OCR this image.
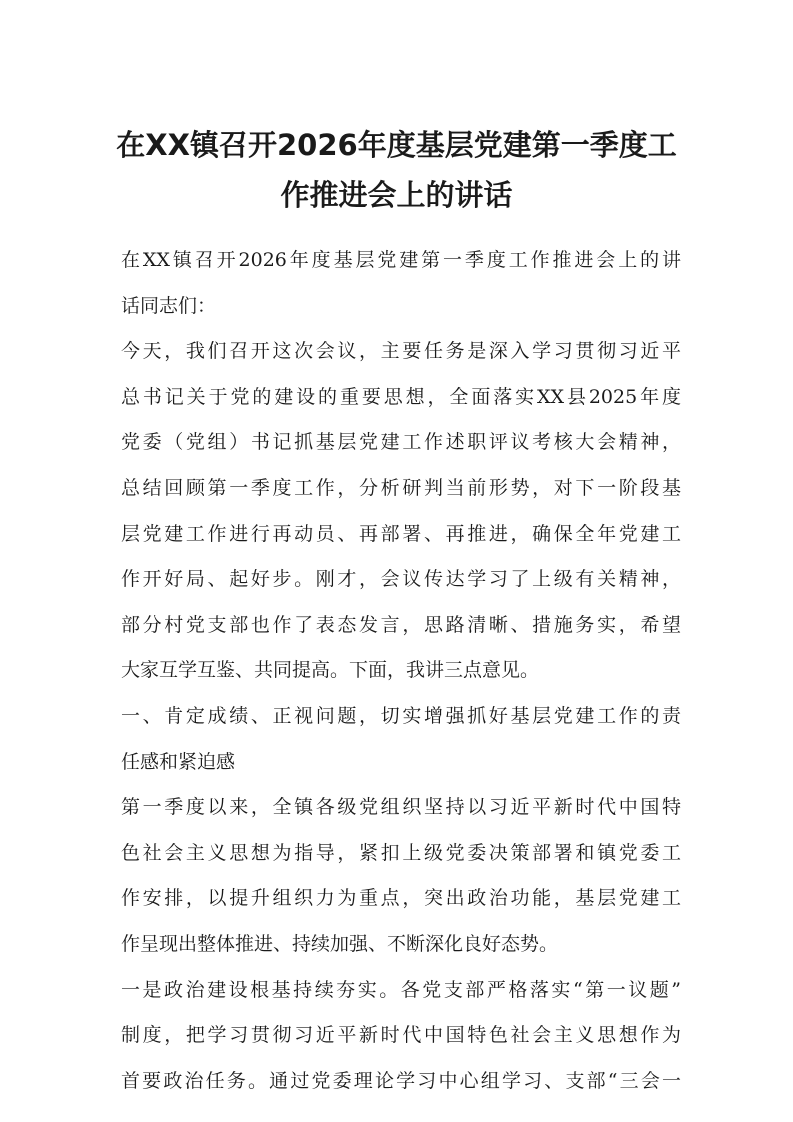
在XX镇召开2026年度基层党建第一季度工
作推进会上的讲话
在XX镇召开2026年度基层党建第一季度工作推进会上的讲
话同志们：
今天，我们召开这次会议，主要任务是深入学习贯彻习近平
总书记关于党的建设的重要思想，全面落实XX县2025年度
党委（党组）书记抓基层党建工作述职评议考核大会精神，
总结回顾第一季度工作，分析研判当前形势，对下一阶段基
层党建工作进行再动员、再部署、再推进，确保全年党建工
作开好局、起好步。刚才，会议传达学习了上级有关精神，
部分村党支部也作了表态发言，思路清晰、措施务实，希望
大家互学互鉴、共同提高。下面，我讲三点意见。
一、肯定成绩、正视问题，切实增强抓好基层党建工作的责
任感和紧迫感
第一季度以来，全镇各级党组织坚持以习近平新时代中国特
色社会主义思想为指导，紧扣上级党委决策部署和镇党委工
作安排，以提升组织力为重点，突出政治功能，基层党建工
作呈现出整体推进、持续加强、不断深化良好态势。
一是政治建设根基持续夯实。各党支部严格落实“第一议题”
制度，把学习贯彻习近平新时代中国特色社会主义思想作为
首要政治任务。通过党委理论学习中心组学习、支部“三会一
